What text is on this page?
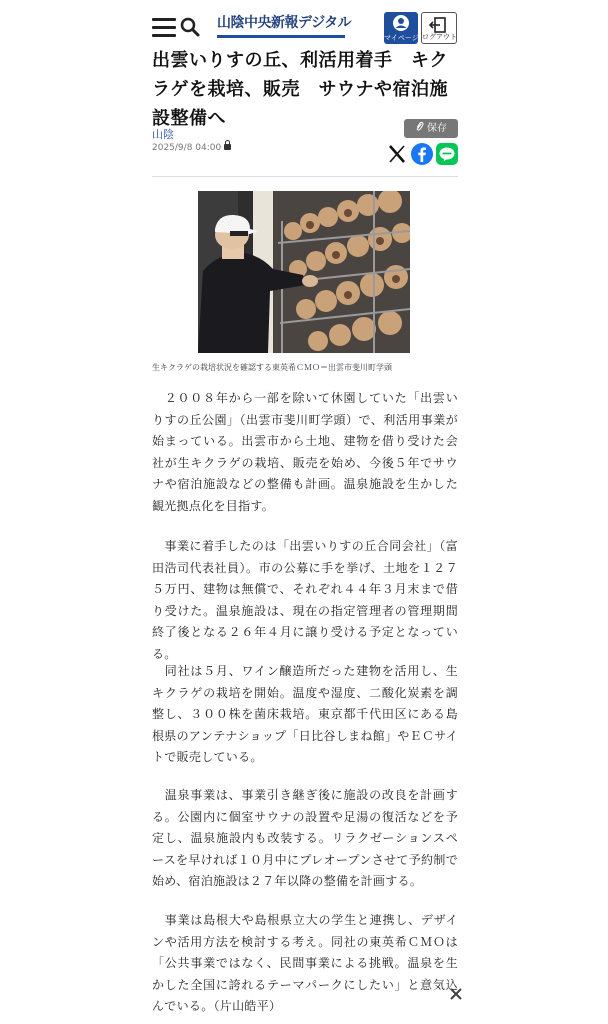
山陰中央新報デジタル
マイページ ログアウト
出雲いりすの丘、利活用着手　キクラゲを栽培、販売　サウナや宿泊施設整備へ
山陰
2025/9/8 04:00
保存
生キクラゲの栽培状況を確認する東英希ＣＭＯ＝出雲市斐川町学頭

　２００８年から一部を除いて休園していた「出雲いりすの丘公園」（出雲市斐川町学頭）で、利活用事業が始まっている。出雲市から土地、建物を借り受けた会社が生キクラゲの栽培、販売を始め、今後５年でサウナや宿泊施設などの整備も計画。温泉施設を生かした観光拠点化を目指す。

　事業に着手したのは「出雲いりすの丘合同会社」（富田浩司代表社員）。市の公募に手を挙げ、土地を１２７５万円、建物は無償で、それぞれ４４年３月末まで借り受けた。温泉施設は、現在の指定管理者の管理期間終了後となる２６年４月に譲り受ける予定となっている。

　同社は５月、ワイン醸造所だった建物を活用し、生キクラゲの栽培を開始。温度や湿度、二酸化炭素を調整し、３００株を菌床栽培。東京都千代田区にある島根県のアンテナショップ「日比谷しまね館」やＥＣサイトで販売している。

　温泉事業は、事業引き継ぎ後に施設の改良を計画する。公園内に個室サウナの設置や足湯の復活などを予定し、温泉施設内も改装する。リラクゼーションスペースを早ければ１０月中にプレオープンさせて予約制で始め、宿泊施設は２７年以降の整備を計画する。

　事業は島根大や島根県立大の学生と連携し、デザインや活用方法を検討する考え。同社の東英希ＣＭＯは「公共事業ではなく、民間事業による挑戦。温泉を生かした全国に誇れるテーマパークにしたい」と意気込んでいる。（片山皓平）
